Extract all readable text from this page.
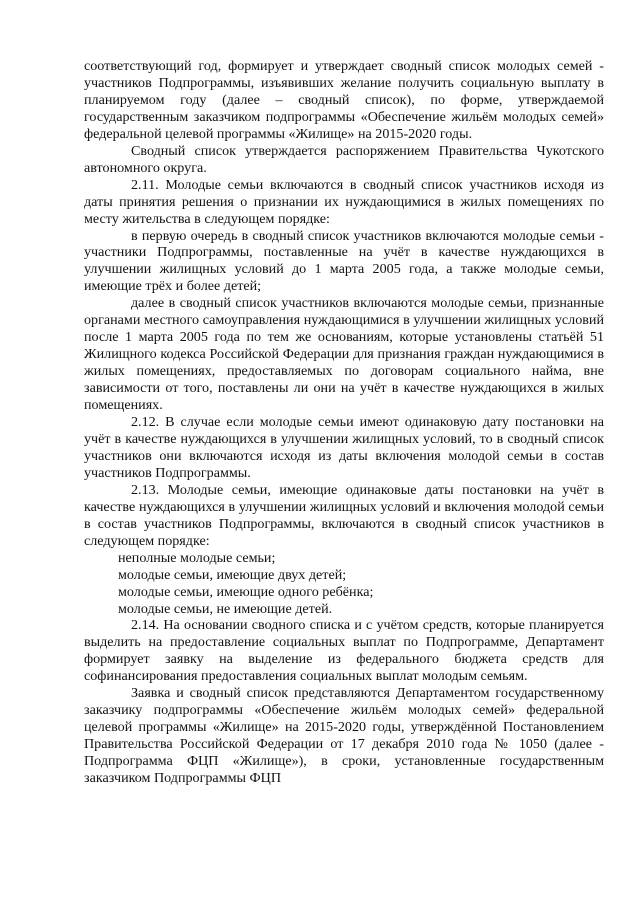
соответствующий год, формирует и утверждает сводный список молодых семей - участников Подпрограммы, изъявивших желание получить социальную выплату в планируемом году (далее – сводный список), по форме, утверждаемой государственным заказчиком подпрограммы «Обеспечение жильём молодых семей» федеральной целевой программы «Жилище» на 2015-2020 годы.

Сводный список утверждается распоряжением Правительства Чукотского автономного округа.

2.11. Молодые семьи включаются в сводный список участников исходя из даты принятия решения о признании их нуждающимися в жилых помещениях по месту жительства в следующем порядке:

в первую очередь в сводный список участников включаются молодые семьи - участники Подпрограммы, поставленные на учёт в качестве нуждающихся в улучшении жилищных условий до 1 марта 2005 года, а также молодые семьи, имеющие трёх и более детей;

далее в сводный список участников включаются молодые семьи, признанные органами местного самоуправления нуждающимися в улучшении жилищных условий после 1 марта 2005 года по тем же основаниям, которые установлены статьёй 51 Жилищного кодекса Российской Федерации для признания граждан нуждающимися в жилых помещениях, предоставляемых по договорам социального найма, вне зависимости от того, поставлены ли они на учёт в качестве нуждающихся в жилых помещениях.

2.12. В случае если молодые семьи имеют одинаковую дату постановки на учёт в качестве нуждающихся в улучшении жилищных условий, то в сводный список участников они включаются исходя из даты включения молодой семьи в состав участников Подпрограммы.

2.13. Молодые семьи, имеющие одинаковые даты постановки на учёт в качестве нуждающихся в улучшении жилищных условий и включения молодой семьи в состав участников Подпрограммы, включаются в сводный список участников в следующем порядке:

неполные молодые семьи;

молодые семьи, имеющие двух детей;

молодые семьи, имеющие одного ребёнка;

молодые семьи, не имеющие детей.

2.14. На основании сводного списка и с учётом средств, которые планируется выделить на предоставление социальных выплат по Подпрограмме, Департамент формирует заявку на выделение из федерального бюджета средств для софинансирования предоставления социальных выплат молодым семьям.

Заявка и сводный список представляются Департаментом государственному заказчику подпрограммы «Обеспечение жильём молодых семей» федеральной целевой программы «Жилище» на 2015-2020 годы, утверждённой Постановлением Правительства Российской Федерации от 17 декабря 2010 года № 1050 (далее - Подпрограмма ФЦП «Жилище»), в сроки, установленные государственным заказчиком Подпрограммы ФЦП
